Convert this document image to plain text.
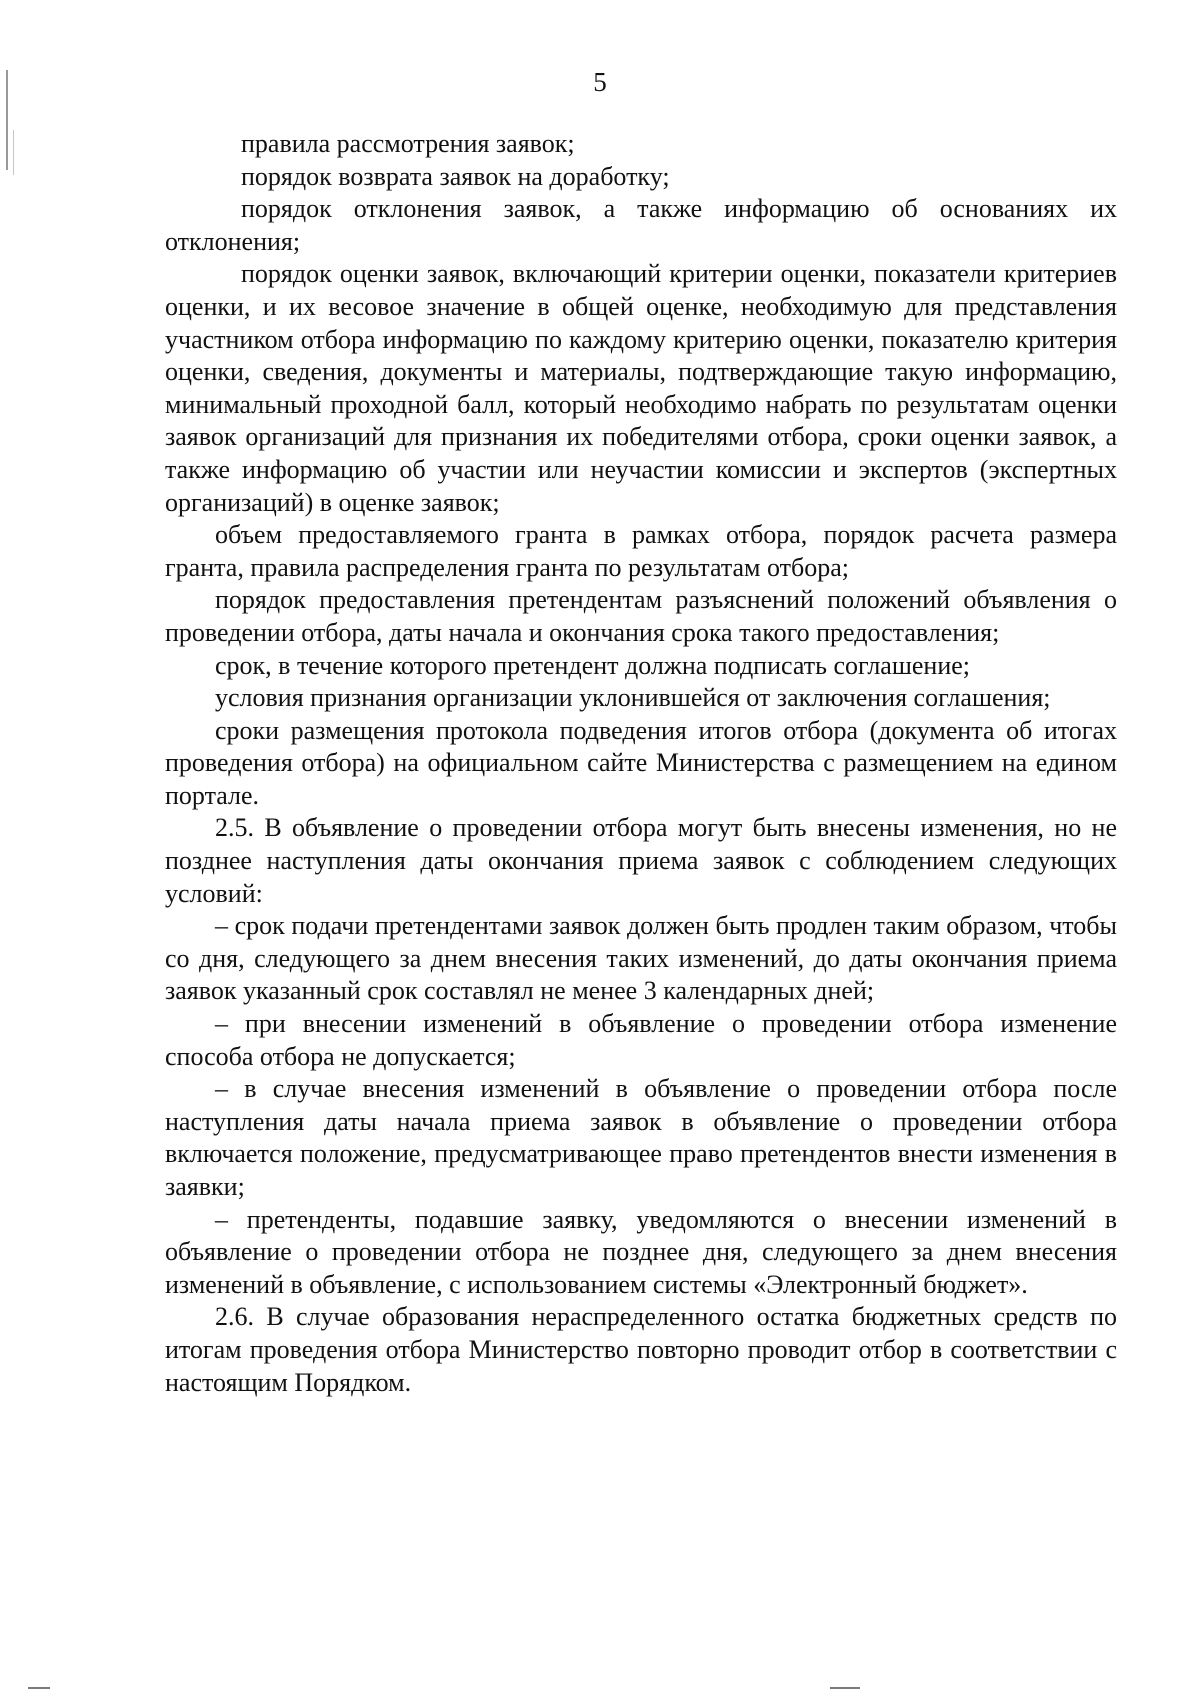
5

правила рассмотрения заявок;

порядок возврата заявок на доработку;

порядок отклонения заявок, а также информацию об основаниях их отклонения;

порядок оценки заявок, включающий критерии оценки, показатели критериев оценки, и их весовое значение в общей оценке, необходимую для представления участником отбора информацию по каждому критерию оценки, показателю критерия оценки, сведения, документы и материалы, подтверждающие такую информацию, минимальный проходной балл, который необходимо набрать по результатам оценки заявок организаций для признания их победителями отбора, сроки оценки заявок, а также информацию об участии или неучастии комиссии и экспертов (экспертных организаций) в оценке заявок;

объем предоставляемого гранта в рамках отбора, порядок расчета размера гранта, правила распределения гранта по результатам отбора;

порядок предоставления претендентам разъяснений положений объявления о проведении отбора, даты начала и окончания срока такого предоставления;

срок, в течение которого претендент должна подписать соглашение;

условия признания организации уклонившейся от заключения соглашения;

сроки размещения протокола подведения итогов отбора (документа об итогах проведения отбора) на официальном сайте Министерства с размещением на едином портале.

2.5. В объявление о проведении отбора могут быть внесены изменения, но не позднее наступления даты окончания приема заявок с соблюдением следующих условий:

– срок подачи претендентами заявок должен быть продлен таким образом, чтобы со дня, следующего за днем внесения таких изменений, до даты окончания приема заявок указанный срок составлял не менее 3 календарных дней;

– при внесении изменений в объявление о проведении отбора изменение способа отбора не допускается;

– в случае внесения изменений в объявление о проведении отбора после наступления даты начала приема заявок в объявление о проведении отбора включается положение, предусматривающее право претендентов внести изменения в заявки;

– претенденты, подавшие заявку, уведомляются о внесении изменений в объявление о проведении отбора не позднее дня, следующего за днем внесения изменений в объявление, с использованием системы «Электронный бюджет».

2.6. В случае образования нераспределенного остатка бюджетных средств по итогам проведения отбора Министерство повторно проводит отбор в соответствии с настоящим Порядком.
